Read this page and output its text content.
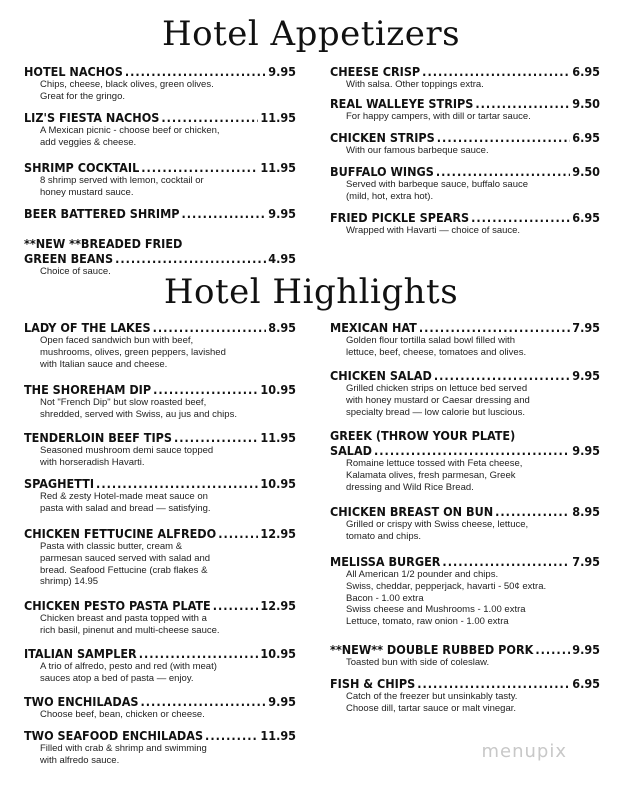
Hotel Appetizers
HOTEL NACHOS .....	9.95
Chips, cheese, black olives, green olives.
Great for the gringo.
LIZ'S FIESTA NACHOS .....	11.95
A Mexican picnic - choose beef or chicken,
add veggies & cheese.
SHRIMP COCKTAIL .....	11.95
8 shrimp served with lemon, cocktail or
honey mustard sauce.
BEER BATTERED SHRIMP .....	9.95
**NEW **BREADED FRIED
GREEN BEANS .....	4.95
Choice of sauce.
CHEESE CRISP .....	6.95
With salsa. Other toppings extra.
REAL WALLEYE STRIPS .....	9.50
For happy campers, with dill or tartar sauce.
CHICKEN STRIPS .....	6.95
With our famous barbeque sauce.
BUFFALO WINGS .....	9.50
Served with barbeque sauce, buffalo sauce
(mild, hot, extra hot).
FRIED PICKLE SPEARS .....	6.95
Wrapped with Havarti — choice of sauce.
Hotel Highlights
LADY OF THE LAKES .....	8.95
Open faced sandwich bun with beef,
mushrooms, olives, green peppers, lavished
with Italian sauce and cheese.
THE SHOREHAM DIP .....	10.95
Not "French Dip" but slow roasted beef,
shredded, served with Swiss, au jus and chips.
TENDERLOIN BEEF TIPS .....	11.95
Seasoned mushroom demi sauce topped
with horseradish Havarti.
SPAGHETTI .....	10.95
Red & zesty Hotel-made meat sauce on
pasta with salad and bread — satisfying.
CHICKEN FETTUCINE ALFREDO .....	12.95
Pasta with classic butter, cream &
parmesan sauced served with salad and
bread. Seafood Fettucine (crab flakes &
shrimp) 14.95
CHICKEN PESTO PASTA PLATE .....	12.95
Chicken breast and pasta topped with a
rich basil, pinenut and multi-cheese sauce.
ITALIAN SAMPLER .....	10.95
A trio of alfredo, pesto and red (with meat)
sauces atop a bed of pasta — enjoy.
TWO ENCHILADAS .....	9.95
Choose beef, bean, chicken or cheese.
TWO SEAFOOD ENCHILADAS .....	11.95
Filled with crab & shrimp and swimming
with alfredo sauce.
MEXICAN HAT .....	7.95
Golden flour tortilla salad bowl filled with
lettuce, beef, cheese, tomatoes and olives.
CHICKEN SALAD .....	9.95
Grilled chicken strips on lettuce bed served
with honey mustard or Caesar dressing and
specialty bread — low calorie but luscious.
GREEK (THROW YOUR PLATE)
SALAD .....	9.95
Romaine lettuce tossed with Feta cheese,
Kalamata olives, fresh parmesan, Greek
dressing and Wild Rice Bread.
CHICKEN BREAST ON BUN .....	8.95
Grilled or crispy with Swiss cheese, lettuce,
tomato and chips.
MELISSA BURGER .....	7.95
All American 1/2 pounder and chips.
Swiss, cheddar, pepperjack, havarti - 50¢ extra.
Bacon - 1.00 extra
Swiss cheese and Mushrooms - 1.00 extra
Lettuce, tomato, raw onion - 1.00 extra
**NEW** DOUBLE RUBBED PORK .....	9.95
Toasted bun with side of coleslaw.
FISH & CHIPS .....	6.95
Catch of the freezer but unsinkably tasty.
Choose dill, tartar sauce or malt vinegar.
menupix
